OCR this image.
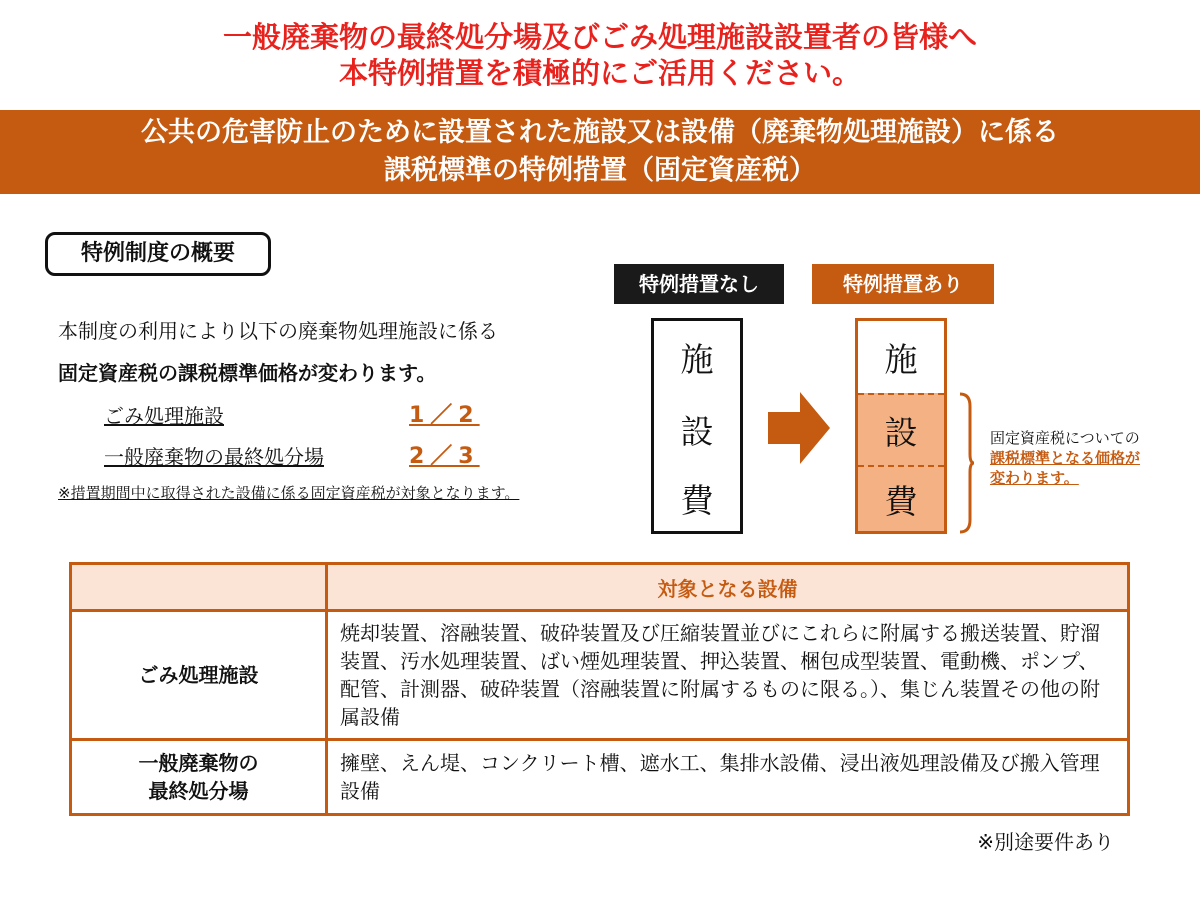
一般廃棄物の最終処分場及びごみ処理施設設置者の皆様へ
本特例措置を積極的にご活用ください。
公共の危害防止のために設置された施設又は設備（廃棄物処理施設）に係る
課税標準の特例措置（固定資産税）
特例制度の概要
本制度の利用により以下の廃棄物処理施設に係る
固定資産税の課税標準価格が変わります。
ごみ処理施設	1／2
一般廃棄物の最終処分場	2／3
※措置期間中に取得された設備に係る固定資産税が対象となります。
特例措置なし	特例措置あり
施
設
費
施
設
費
固定資産税についての課税標準となる価格が変わります。
	対象となる設備

ごみ処理施設	焼却装置、溶融装置、破砕装置及び圧縮装置並びにこれらに附属する搬送装置、貯溜装置、汚水処理装置、ばい煙処理装置、押込装置、梱包成型装置、電動機、ポンプ、配管、計測器、破砕装置（溶融装置に附属するものに限る。）、集じん装置その他の附属設備

一般廃棄物の
最終処分場	擁壁、えん堤、コンクリート槽、遮水工、集排水設備、浸出液処理設備及び搬入管理設備
※別途要件あり
